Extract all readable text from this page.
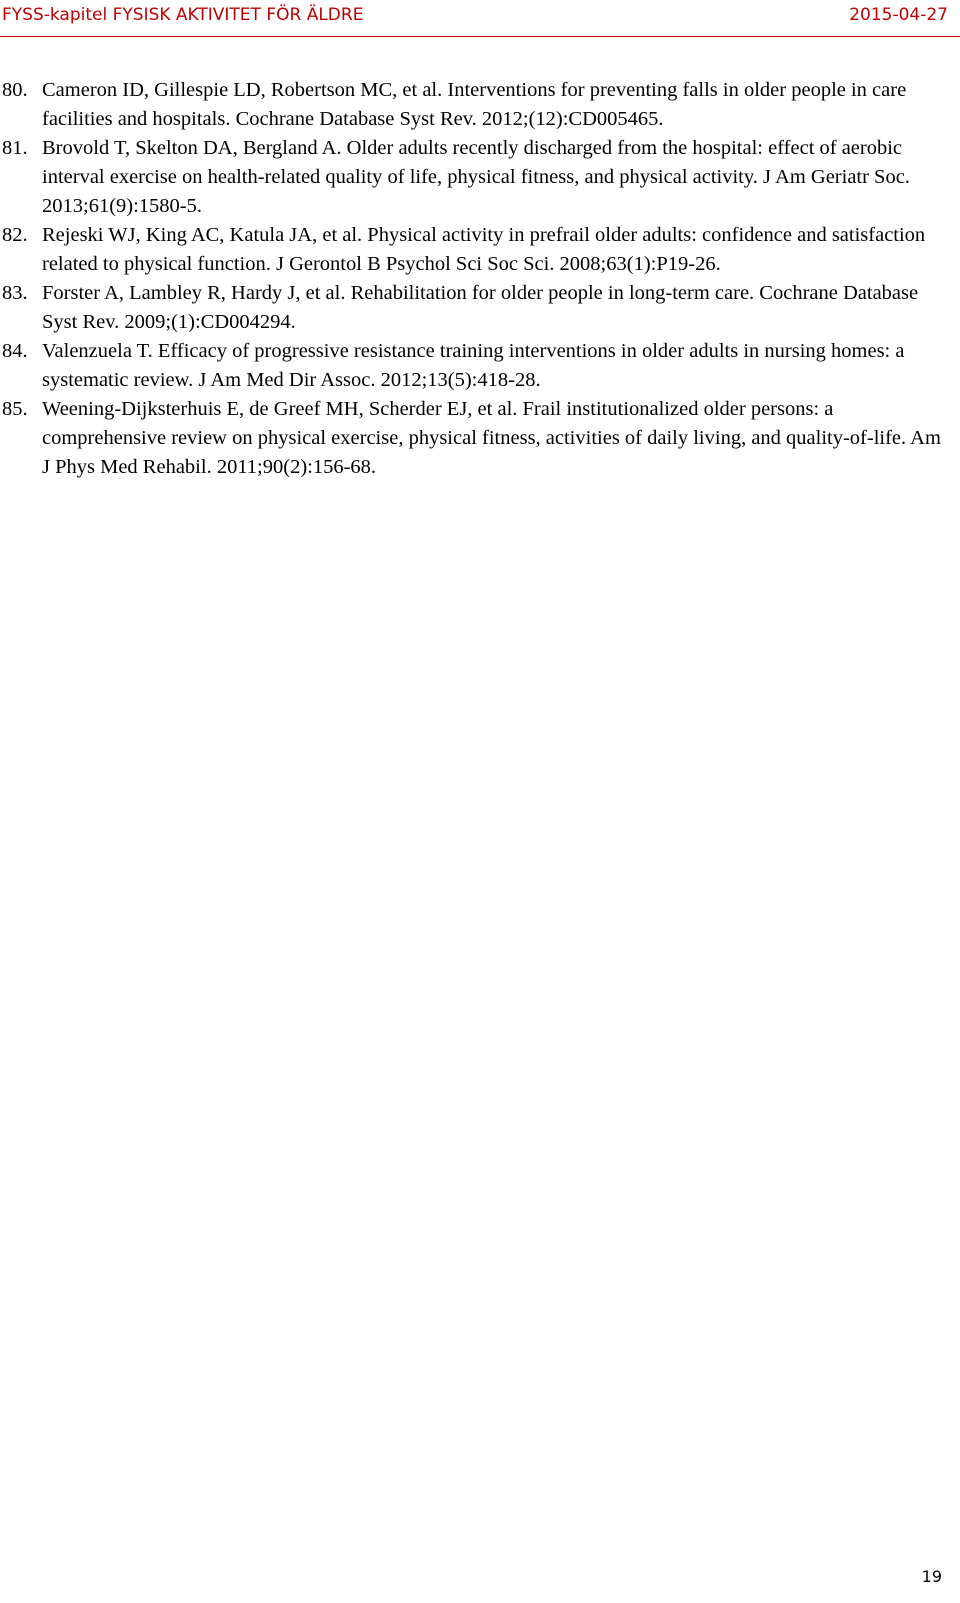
FYSS-kapitel FYSISK AKTIVITET FÖR ÄLDRE	2015-04-27
80. Cameron ID, Gillespie LD, Robertson MC, et al. Interventions for preventing falls in older people in care facilities and hospitals. Cochrane Database Syst Rev. 2012;(12):CD005465.
81. Brovold T, Skelton DA, Bergland A. Older adults recently discharged from the hospital: effect of aerobic interval exercise on health-related quality of life, physical fitness, and physical activity. J Am Geriatr Soc. 2013;61(9):1580-5.
82. Rejeski WJ, King AC, Katula JA, et al. Physical activity in prefrail older adults: confidence and satisfaction related to physical function. J Gerontol B Psychol Sci Soc Sci. 2008;63(1):P19-26.
83. Forster A, Lambley R, Hardy J, et al. Rehabilitation for older people in long-term care. Cochrane Database Syst Rev. 2009;(1):CD004294.
84. Valenzuela T. Efficacy of progressive resistance training interventions in older adults in nursing homes: a systematic review. J Am Med Dir Assoc. 2012;13(5):418-28.
85. Weening-Dijksterhuis E, de Greef MH, Scherder EJ, et al. Frail institutionalized older persons: a comprehensive review on physical exercise, physical fitness, activities of daily living, and quality-of-life. Am J Phys Med Rehabil. 2011;90(2):156-68.
19
